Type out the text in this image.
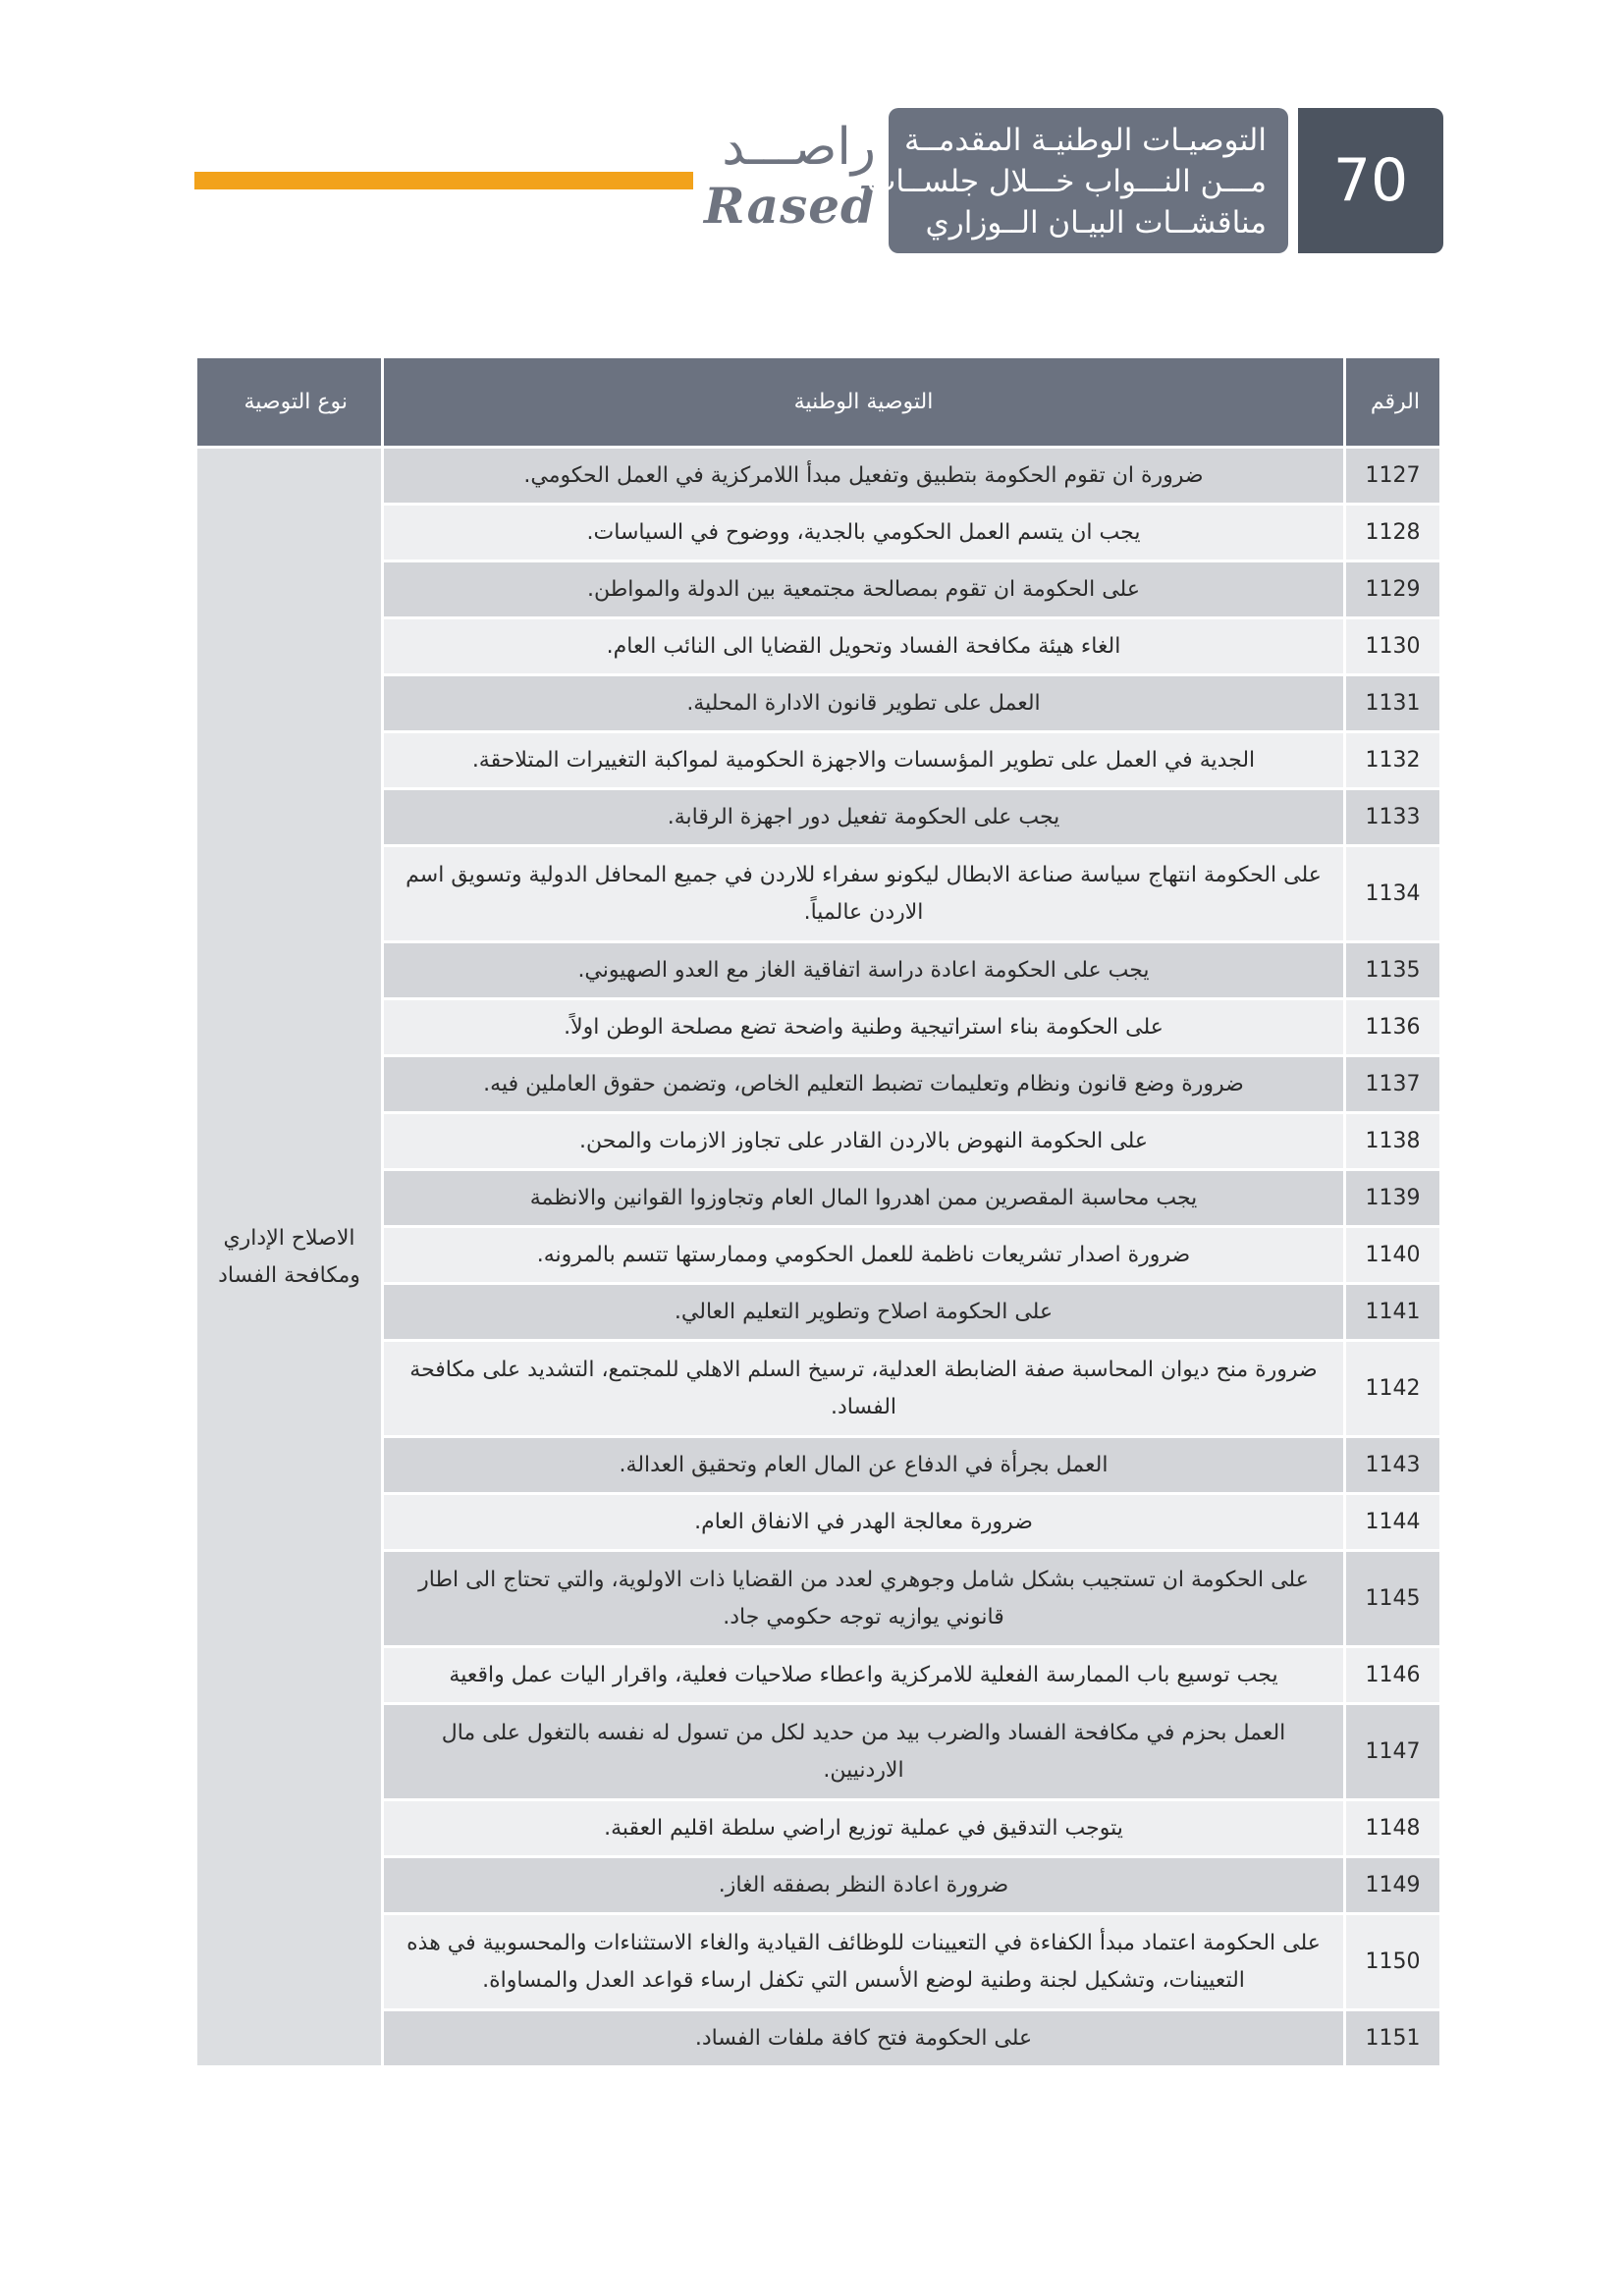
راصـــد
Rased
التوصيـات الوطنيـة المقدمــة
مـــن النـــواب خـــلال جلســات
مناقشــات البيـان الــوزاري
70
الرقم	التوصية الوطنية	نوع التوصية
1127	ضرورة ان تقوم الحكومة بتطبيق وتفعيل مبدأ اللامركزية في العمل الحكومي.	الاصلاح الإداري
ومكافحة الفساد
1128	يجب ان يتسم العمل الحكومي بالجدية، ووضوح في السياسات.	
1129	على الحكومة ان تقوم بمصالحة مجتمعية بين الدولة والمواطن.	
1130	الغاء هيئة مكافحة الفساد وتحويل القضايا الى النائب العام.	
1131	العمل على تطوير قانون الادارة المحلية.	
1132	الجدية في العمل على تطوير المؤسسات والاجهزة الحكومية لمواكبة التغييرات المتلاحقة.	
1133	يجب على الحكومة تفعيل دور اجهزة الرقابة.	
1134	على الحكومة انتهاج سياسة صناعة الابطال ليكونو سفراء للاردن في جميع المحافل الدولية وتسويق اسم الاردن عالمياً.	
1135	يجب على الحكومة اعادة دراسة اتفاقية الغاز مع العدو الصهيوني.	
1136	على الحكومة بناء استراتيجية وطنية واضحة تضع مصلحة الوطن اولاً.	
1137	ضرورة وضع قانون ونظام وتعليمات تضبط التعليم الخاص، وتضمن حقوق العاملين فيه.	
1138	على الحكومة النهوض بالاردن القادر على تجاوز الازمات والمحن.	
1139	يجب محاسبة المقصرين ممن اهدروا المال العام وتجاوزوا القوانين والانظمة	
1140	ضرورة اصدار تشريعات ناظمة للعمل الحكومي وممارستها تتسم بالمرونه.	
1141	على الحكومة اصلاح وتطوير التعليم العالي.	
1142	ضرورة منح ديوان المحاسبة صفة الضابطة العدلية، ترسيخ السلم الاهلي للمجتمع، التشديد على مكافحة الفساد.	
1143	العمل بجرأة في الدفاع عن المال العام وتحقيق العدالة.	
1144	ضرورة معالجة الهدر في الانفاق العام.	
1145	على الحكومة ان تستجيب بشكل شامل وجوهري لعدد من القضايا ذات الاولوية، والتي تحتاج الى اطار قانوني يوازيه توجه حكومي جاد.	
1146	يجب توسيع باب الممارسة الفعلية للامركزية واعطاء صلاحيات فعلية، واقرار اليات عمل واقعية	
1147	العمل بحزم في مكافحة الفساد والضرب بيد من حديد لكل من تسول له نفسه بالتغول على مال الاردنيين.	
1148	يتوجب التدقيق في عملية توزيع اراضي سلطة اقليم العقبة.	
1149	ضرورة اعادة النظر بصفقه الغاز.	
1150	على الحكومة اعتماد مبدأ الكفاءة في التعيينات للوظائف القيادية والغاء الاستثناءات والمحسوبية في هذه التعيينات، وتشكيل لجنة وطنية لوضع الأسس التي تكفل ارساء قواعد العدل والمساواة.	
1151	على الحكومة فتح كافة ملفات الفساد.	
